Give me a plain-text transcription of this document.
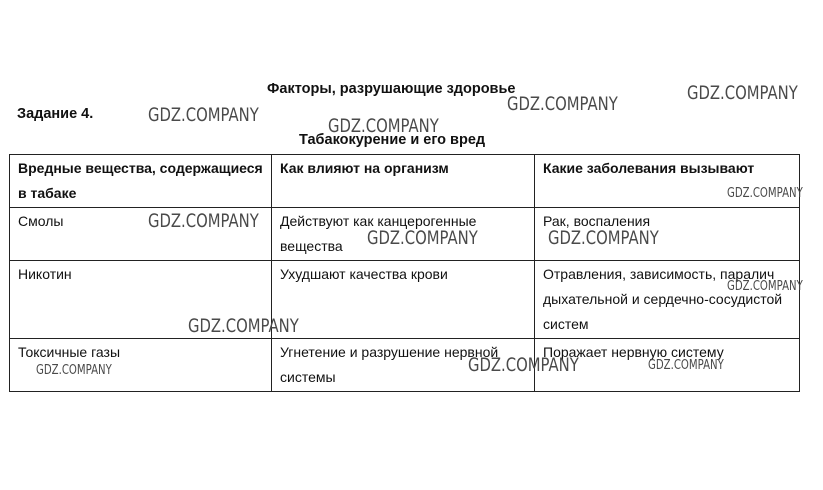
Факторы, разрушающие здоровье
Задание 4.
Табакокурение и его вред
Вредные вещества, содержащиеся в табаке	Как влияют на организм	Какие заболевания вызывают
Смолы	Действуют как канцерогенные вещества	Рак, воспаления
Никотин	Ухудшают качества крови	Отравления, зависимость, паралич дыхательной и сердечно-сосудистой систем
Токсичные газы	Угнетение и разрушение нервной системы	Поражает нервную систему
GDZ.COMPANY	GDZ.COMPANY	GDZ.COMPANY
GDZ.COMPANY
GDZ.COMPANY
GDZ.COMPANY
GDZ.COMPANY	GDZ.COMPANY
GDZ.COMPANY
GDZ.COMPANY
GDZ.COMPANY
GDZ.COMPANY	GDZ.COMPANY
